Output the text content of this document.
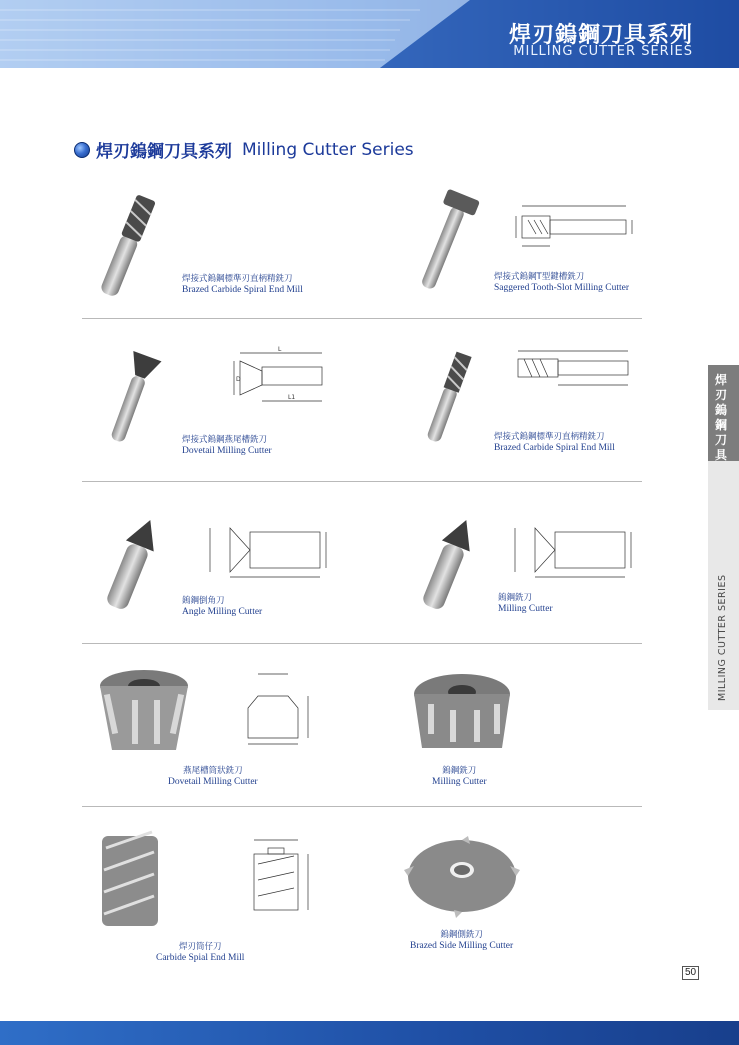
焊刃鎢鋼刀具系列
MILLING CUTTER SERIES
焊刃鎢鋼刀具系列 Milling Cutter Series
焊刃鎢鋼刀具
MILLING CUTTER SERIES
焊接式鎢鋼標準刃直柄精銑刀
Brazed Carbide Spiral End Mill
焊接式鎢鋼T型鍵槽銑刀
Saggered Tooth-Slot Milling Cutter
L
L1
D
焊接式鎢鋼燕尾槽銑刀
Dovetail Milling Cutter
焊接式鎢鋼標準刃直柄精銑刀
Brazed Carbide Spiral End Mill
鎢鋼倒角刀
Angle Milling Cutter
鎢鋼銑刀
Milling Cutter
燕尾槽筒狀銑刀
Dovetail Milling Cutter
鎢鋼銑刀
Milling Cutter
焊刃筒仔刀
Carbide Spial End Mill
鎢鋼側銑刀
Brazed Side Milling Cutter
50
